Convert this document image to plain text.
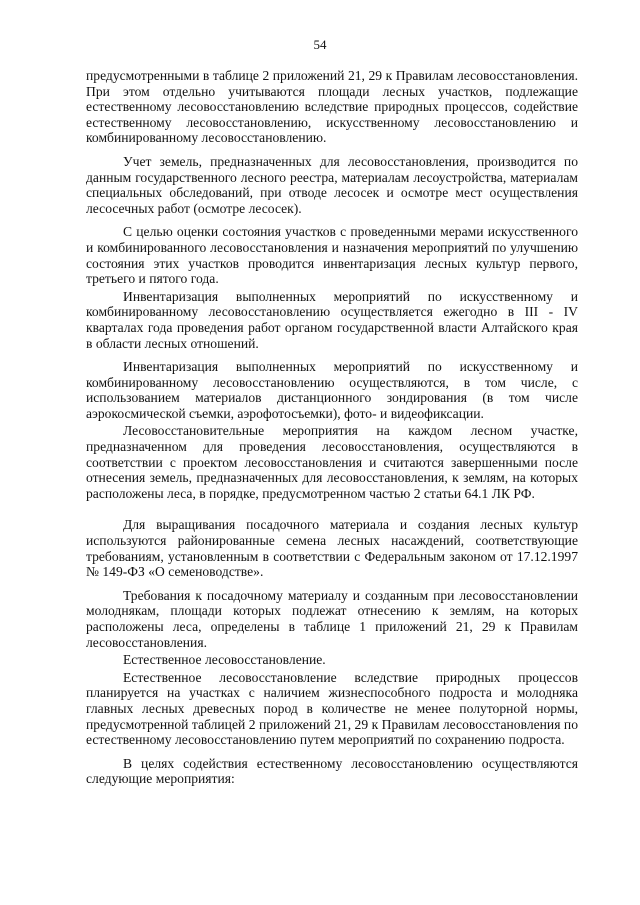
54

предусмотренными в таблице 2 приложений 21, 29 к Правилам лесовосстановления. При этом отдельно учитываются площади лесных участков, подлежащие естественному лесовосстановлению вследствие природных процессов, содействие естественному лесовосстановлению, искусственному лесовосстановлению и комбинированному лесовосстановлению.

Учет земель, предназначенных для лесовосстановления, производится по данным государственного лесного реестра, материалам лесоустройства, материалам специальных обследований, при отводе лесосек и осмотре мест осуществления лесосечных работ (осмотре лесосек).

С целью оценки состояния участков с проведенными мерами искусственного и комбинированного лесовосстановления и назначения мероприятий по улучшению состояния этих участков проводится инвентаризация лесных культур первого, третьего и пятого года.

Инвентаризация выполненных мероприятий по искусственному и комбинированному лесовосстановлению осуществляется ежегодно в III - IV кварталах года проведения работ органом государственной власти Алтайского края в области лесных отношений.

Инвентаризация выполненных мероприятий по искусственному и комбинированному лесовосстановлению осуществляются, в том числе, с использованием материалов дистанционного зондирования (в том числе аэрокосмической съемки, аэрофотосъемки), фото- и видеофиксации.

Лесовосстановительные мероприятия на каждом лесном участке, предназначенном для проведения лесовосстановления, осуществляются в соответствии с проектом лесовосстановления и считаются завершенными после отнесения земель, предназначенных для лесовосстановления, к землям, на которых расположены леса, в порядке, предусмотренном частью 2 статьи 64.1 ЛК РФ.

Для выращивания посадочного материала и создания лесных культур используются районированные семена лесных насаждений, соответствующие требованиям, установленным в соответствии с Федеральным законом от 17.12.1997 № 149-ФЗ «О семеноводстве».

Требования к посадочному материалу и созданным при лесовосстановлении молоднякам, площади которых подлежат отнесению к землям, на которых расположены леса, определены в таблице 1 приложений 21, 29 к Правилам лесовосстановления.

Естественное лесовосстановление.

Естественное лесовосстановление вследствие природных процессов планируется на участках с наличием жизнеспособного подроста и молодняка главных лесных древесных пород в количестве не менее полуторной нормы, предусмотренной таблицей 2 приложений 21, 29 к Правилам лесовосстановления по естественному лесовосстановлению путем мероприятий по сохранению подроста.

В целях содействия естественному лесовосстановлению осуществляются следующие мероприятия:
